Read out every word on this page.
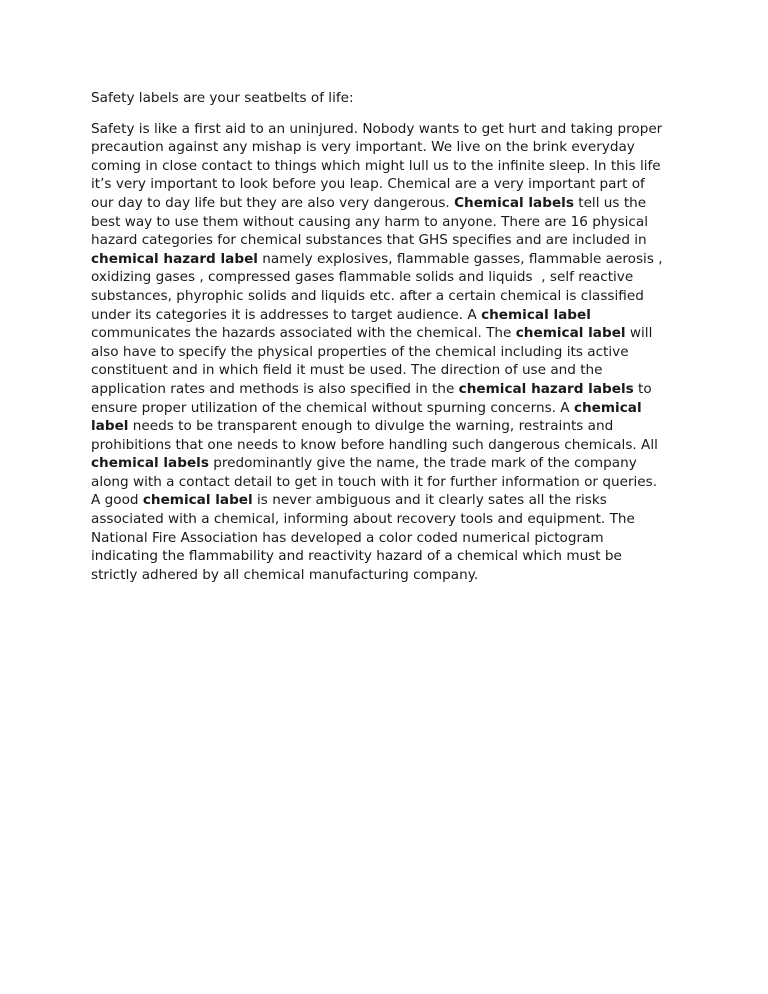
Safety labels are your seatbelts of life:

Safety is like a first aid to an uninjured. Nobody wants to get hurt and taking proper
precaution against any mishap is very important. We live on the brink everyday
coming in close contact to things which might lull us to the infinite sleep. In this life
it’s very important to look before you leap. Chemical are a very important part of
our day to day life but they are also very dangerous. Chemical labels tell us the
best way to use them without causing any harm to anyone. There are 16 physical
hazard categories for chemical substances that GHS specifies and are included in
chemical hazard label namely explosives, flammable gasses, flammable aerosis ,
oxidizing gases , compressed gases flammable solids and liquids  , self reactive
substances, phyrophic solids and liquids etc. after a certain chemical is classified
under its categories it is addresses to target audience. A chemical label
communicates the hazards associated with the chemical. The chemical label will
also have to specify the physical properties of the chemical including its active
constituent and in which field it must be used. The direction of use and the
application rates and methods is also specified in the chemical hazard labels to
ensure proper utilization of the chemical without spurning concerns. A chemical
label needs to be transparent enough to divulge the warning, restraints and
prohibitions that one needs to know before handling such dangerous chemicals. All
chemical labels predominantly give the name, the trade mark of the company
along with a contact detail to get in touch with it for further information or queries.
A good chemical label is never ambiguous and it clearly sates all the risks
associated with a chemical, informing about recovery tools and equipment. The
National Fire Association has developed a color coded numerical pictogram
indicating the flammability and reactivity hazard of a chemical which must be
strictly adhered by all chemical manufacturing company.
